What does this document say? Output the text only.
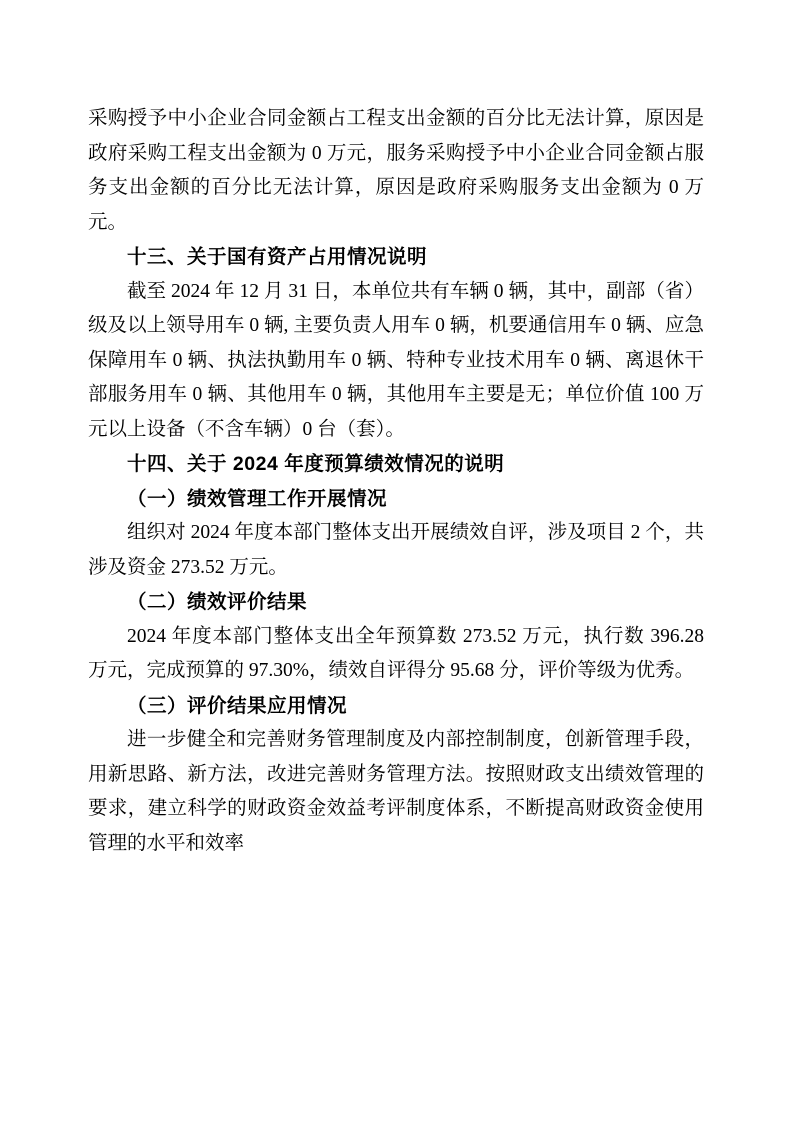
采购授予中小企业合同金额占工程支出金额的百分比无法计算，原因是政府采购工程支出金额为 0 万元，服务采购授予中小企业合同金额占服务支出金额的百分比无法计算，原因是政府采购服务支出金额为 0 万元。

十三、关于国有资产占用情况说明

截至 2024 年 12 月 31 日，本单位共有车辆 0 辆，其中，副部（省）级及以上领导用车 0 辆, 主要负责人用车 0 辆，机要通信用车 0 辆、应急保障用车 0 辆、执法执勤用车 0 辆、特种专业技术用车 0 辆、离退休干部服务用车 0 辆、其他用车 0 辆，其他用车主要是无；单位价值 100 万元以上设备（不含车辆）0 台（套）。

十四、关于 2024 年度预算绩效情况的说明

（一）绩效管理工作开展情况

组织对 2024 年度本部门整体支出开展绩效自评，涉及项目 2 个，共涉及资金 273.52 万元。

（二）绩效评价结果

2024 年度本部门整体支出全年预算数 273.52 万元，执行数 396.28 万元，完成预算的 97.30%，绩效自评得分 95.68 分，评价等级为优秀。

（三）评价结果应用情况

进一步健全和完善财务管理制度及内部控制制度，创新管理手段，用新思路、新方法，改进完善财务管理方法。按照财政支出绩效管理的要求，建立科学的财政资金效益考评制度体系，不断提高财政资金使用管理的水平和效率
